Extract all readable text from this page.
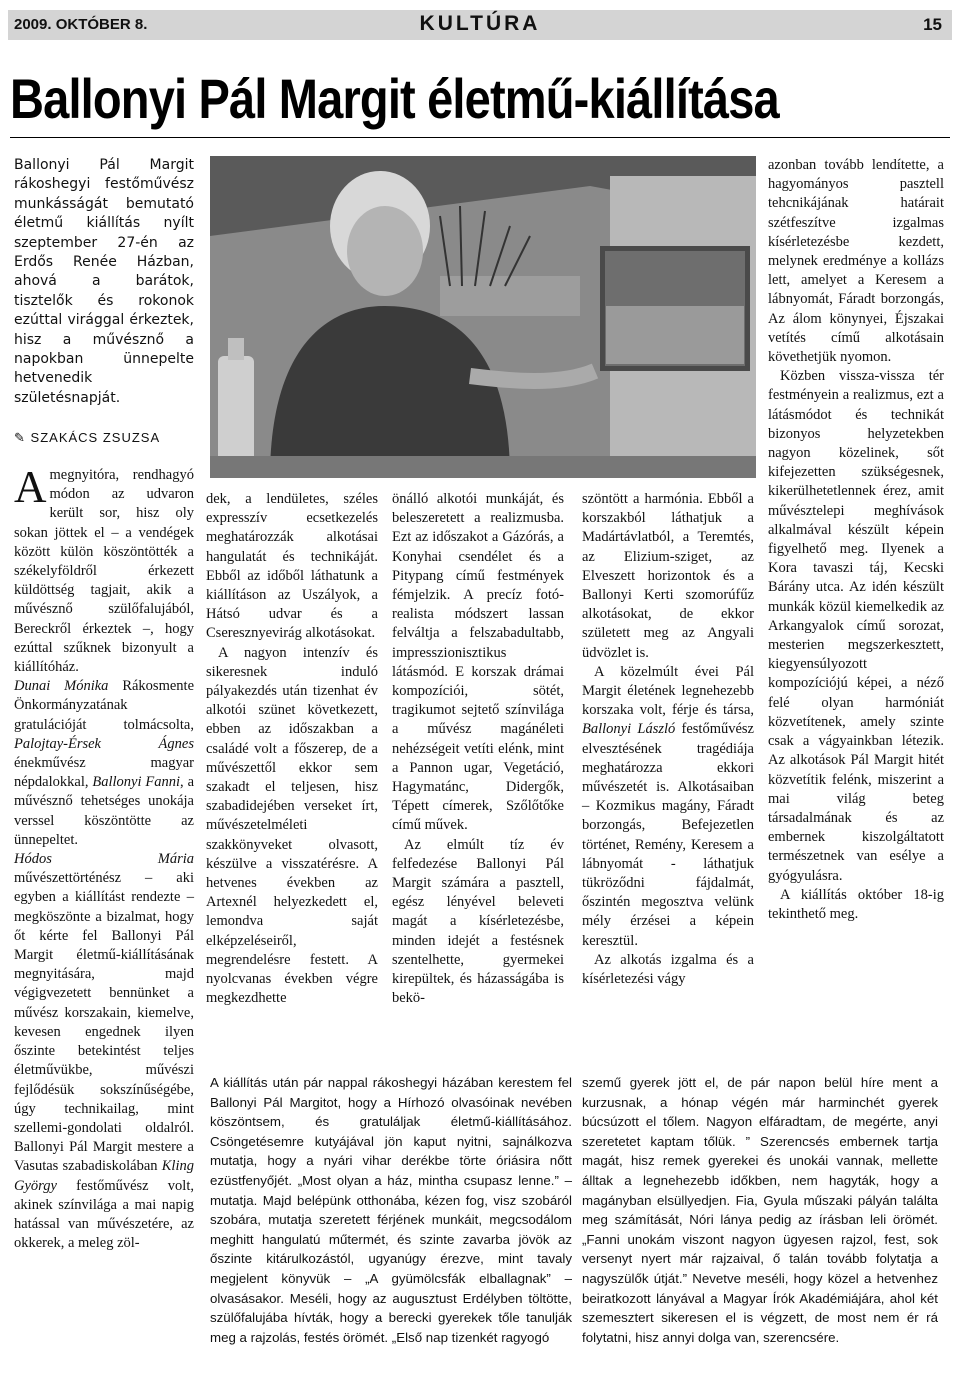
2009. OKTÓBER 8.	KULTÚRA	15
Ballonyi Pál Margit életmű-kiállítása

Ballonyi Pál Margit rákoshegyi festőművész munkásságát bemutató életmű kiállítás nyílt szeptember 27-én az Erdős Renée Házban, ahová a barátok, tisztelők és rokonok ezúttal virággal érkeztek, hisz a művésznő a napokban ünnepelte hetvenedik születésnapját.

✎ SZAKÁCS ZSUZSA
Amegnyitóra, rendhagyó módon az udvaron került sor, hisz oly sokan jöttek el – a vendégek között külön köszöntötték a székelyföldről érkezett küldöttség tagjait, akik a művésznő szülőfalujából, Bereckről érkeztek –, hogy ezúttal szűknek bizonyult a kiállítóház.
Dunai Mónika Rákosmente Önkormányzatának gratulációját tolmácsolta, Palojtay-Érsek Ágnes énekművész magyar népdalokkal, Ballonyi Fanni, a művésznő tehetséges unokája verssel köszöntötte az ünnepeltet.
Hódos Mária művészettörténész – aki egyben a kiállítást rendezte – megköszönte a bizalmat, hogy őt kérte fel Ballonyi Pál Margit életmű-kiállításának megnyitására, majd végigvezetett bennünket a művész korszakain, kiemelve, kevesen engednek ilyen őszinte betekintést teljes életművükbe, művészi fejlődésük sokszínűségébe, úgy technikailag, mint szellemi-gondolati oldalról. Ballonyi Pál Margit mestere a Vasutas szabadiskolában Kling György festőművész volt, akinek színvilága a mai napig hatással van művészetére, az okkerek, a meleg zöl-
dek, a lendületes, széles expresszív ecsetkezelés meghatározzák alkotásai hangulatát és technikáját. Ebből az időből láthatunk a kiállításon az Uszályok, a Hátsó udvar és a Cseresznyevirág alkotásokat.
A nagyon intenzív és sikeresnek induló pályakezdés után tizenhat év alkotói szünet következett, ebben az időszakban a családé volt a főszerep, de a művészettől ekkor sem szakadt el teljesen, hisz szabadidejében verseket írt, művészetelméleti szakkönyveket olvasott, készülve a visszatérésre. A hetvenes években az Artexnél helyezkedett el, lemondva saját elképzeléseiről, megrendelésre festett. A nyolcvanas években végre megkezdhette
önálló alkotói munkáját, és beleszeretett a realizmusba. Ezt az időszakot a Gázórás, a Konyhai csendélet és a Pitypang című festmények fémjelzik. A precíz fotó-realista módszert lassan felváltja a felszabadultabb, impresszionisztikus látásmód. E korszak drámai kompozíciói, sötét, tragikumot sejtető színvilága a művész magánéleti nehézségeit vetíti elénk, mint a Pannon ugar, Vegetáció, Hagymatánc, Didergők, Tépett címerek, Szőlőtőke című művek.
Az elmúlt tíz év felfedezése Ballonyi Pál Margit számára a pasztell, egész lényével beleveti magát a kísérletezésbe, minden idejét a festésnek szentelhette, gyermekei kirepültek, és házasságába is bekö-
szöntött a harmónia. Ebből a korszakból láthatjuk a Madártávlatból, a Teremtés, az Elizium-sziget, az Elveszett horizontok és a Ballonyi Kerti szomorúfűz alkotásokat, de ekkor született meg az Angyali üdvözlet is.
A közelmúlt évei Pál Margit életének legnehezebb korszaka volt, férje és társa, Ballonyi László festőművész elvesztésének tragédiája meghatározza ekkori művészetét is. Alkotásaiban – Kozmikus magány, Fáradt borzongás, Befejezetlen történet, Remény, Keresem a lábnyomát - láthatjuk tükröződni fájdalmát, őszintén megosztva velünk mély érzései a képein keresztül.
Az alkotás izgalma és a kísérletezési vágy
azonban tovább lendítette, a hagyományos pasztell tehcnikájának határait szétfeszítve izgalmas kísérletezésbe kezdett, melynek eredménye a kollázs lett, amelyet a Keresem a lábnyomát, Fáradt borzongás, Az álom könynyei, Éjszakai vetítés című alkotásain követhetjük nyomon.
Közben vissza-vissza tér festményein a realizmus, ezt a látásmódot és technikát bizonyos helyzetekben nagyon közelinek, sőt kifejezetten szükségesnek, kikerülhetetlennek érez, amit művésztelepi meghívások alkalmával készült képein figyelhető meg. Ilyenek a Kora tavaszi táj, Kecski Bárány utca. Az idén készült munkák közül kiemelkedik az Arkangyalok című sorozat, mesterien megszerkesztett, kiegyensúlyozott kompozíciójú képei, a néző felé olyan harmóniát közvetítenek, amely szinte csak a vágyainkban létezik. Az alkotások Pál Margit hitét közvetítik felénk, miszerint a mai világ beteg társadalmának és az embernek kiszolgáltatott természetnek van esélye a gyógyulásra.
A kiállítás október 18-ig tekinthető meg.
A kiállítás után pár nappal rákoshegyi házában kerestem fel Ballonyi Pál Margitot, hogy a Hírhozó olvasóinak nevében köszöntsem, és gratuláljak életmű-kiállításához. Csöngetésemre kutyájával jön kaput nyitni, sajnálkozva mutatja, hogy a nyári vihar derékbe törte óriásira nőtt ezüstfenyőjét. „Most olyan a ház, mintha csupasz lenne.” – mutatja. Majd belépünk otthonába, kézen fog, visz szobáról szobára, mutatja szeretett férjének munkáit, megcsodálom meghitt hangulatú műtermét, és szinte zavarba jövök az őszinte kitárulkozástól, ugyanúgy érezve, mint tavaly megjelent könyvük – „A gyümölcsfák elballagnak” – olvasásakor. Meséli, hogy az augusztust Erdélyben töltötte, szülőfalujába hívták, hogy a berecki gyerekek tőle tanulják meg a rajzolás, festés örömét. „Első nap tizenkét ragyogó
szemű gyerek jött el, de pár napon belül híre ment a kurzusnak, a hónap végén már harminchét gyerek búcsúzott el tőlem. Nagyon elfáradtam, de megérte, anyi szeretetet kaptam tőlük. ” Szerencsés embernek tartja magát, hisz remek gyerekei és unokái vannak, mellette álltak a legnehezebb időkben, nem hagyták, hogy a magányban elsüllyedjen. Fia, Gyula műszaki pályán találta meg számítását, Nóri lánya pedig az írásban leli örömét. „Fanni unokám viszont nagyon ügyesen rajzol, fest, sok versenyt nyert már rajzaival, ő talán tovább folytatja a nagyszülők útját.” Nevetve meséli, hogy közel a hetvenhez beiratkozott lányával a Magyar Írók Akadémiájára, ahol két szemesztert sikeresen el is végzett, de most nem ér rá folytatni, hisz annyi dolga van, szerencsére.
